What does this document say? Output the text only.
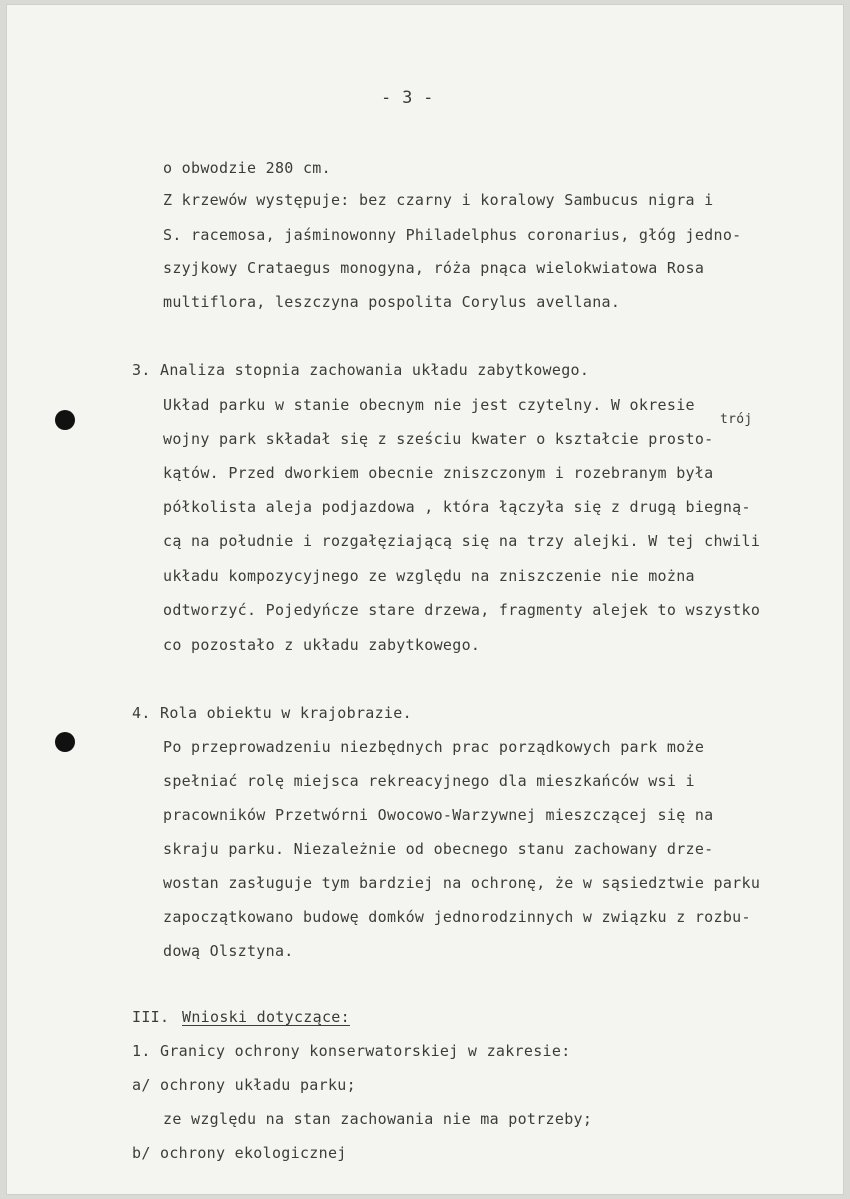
- 3 -
o obwodzie 280 cm.
Z krzewów występuje: bez czarny i koralowy Sambucus nigra i
S. racemosa, jaśminowonny Philadelphus coronarius, głóg jedno-
szyjkowy Crataegus monogyna, róża pnąca wielokwiatowa Rosa
multiflora, leszczyna pospolita Corylus avellana.
3. Analiza stopnia zachowania układu zabytkowego.
Układ parku w stanie obecnym nie jest czytelny. W okresie
trój
wojny park składał się z sześciu kwater o kształcie prosto-
kątów. Przed dworkiem obecnie zniszczonym i rozebranym była
półkolista aleja podjazdowa , która łączyła się z drugą biegną-
cą na południe i rozgałęziającą się na trzy alejki. W tej chwili
układu kompozycyjnego ze względu na zniszczenie nie można
odtworzyć. Pojedyńcze stare drzewa, fragmenty alejek to wszystko
co pozostało z układu zabytkowego.
4. Rola obiektu w krajobrazie.
Po przeprowadzeniu niezbędnych prac porządkowych park może
spełniać rolę miejsca rekreacyjnego dla mieszkańców wsi i
pracowników Przetwórni Owocowo-Warzywnej mieszczącej się na
skraju parku. Niezależnie od obecnego stanu zachowany drze-
wostan zasługuje tym bardziej na ochronę, że w sąsiedztwie parku
zapoczątkowano budowę domków jednorodzinnych w związku z rozbu-
dową Olsztyna.
III. Wnioski dotyczące:
1. Granicy ochrony konserwatorskiej w zakresie:
a/ ochrony układu parku;
ze względu na stan zachowania nie ma potrzeby;
b/ ochrony ekologicznej
